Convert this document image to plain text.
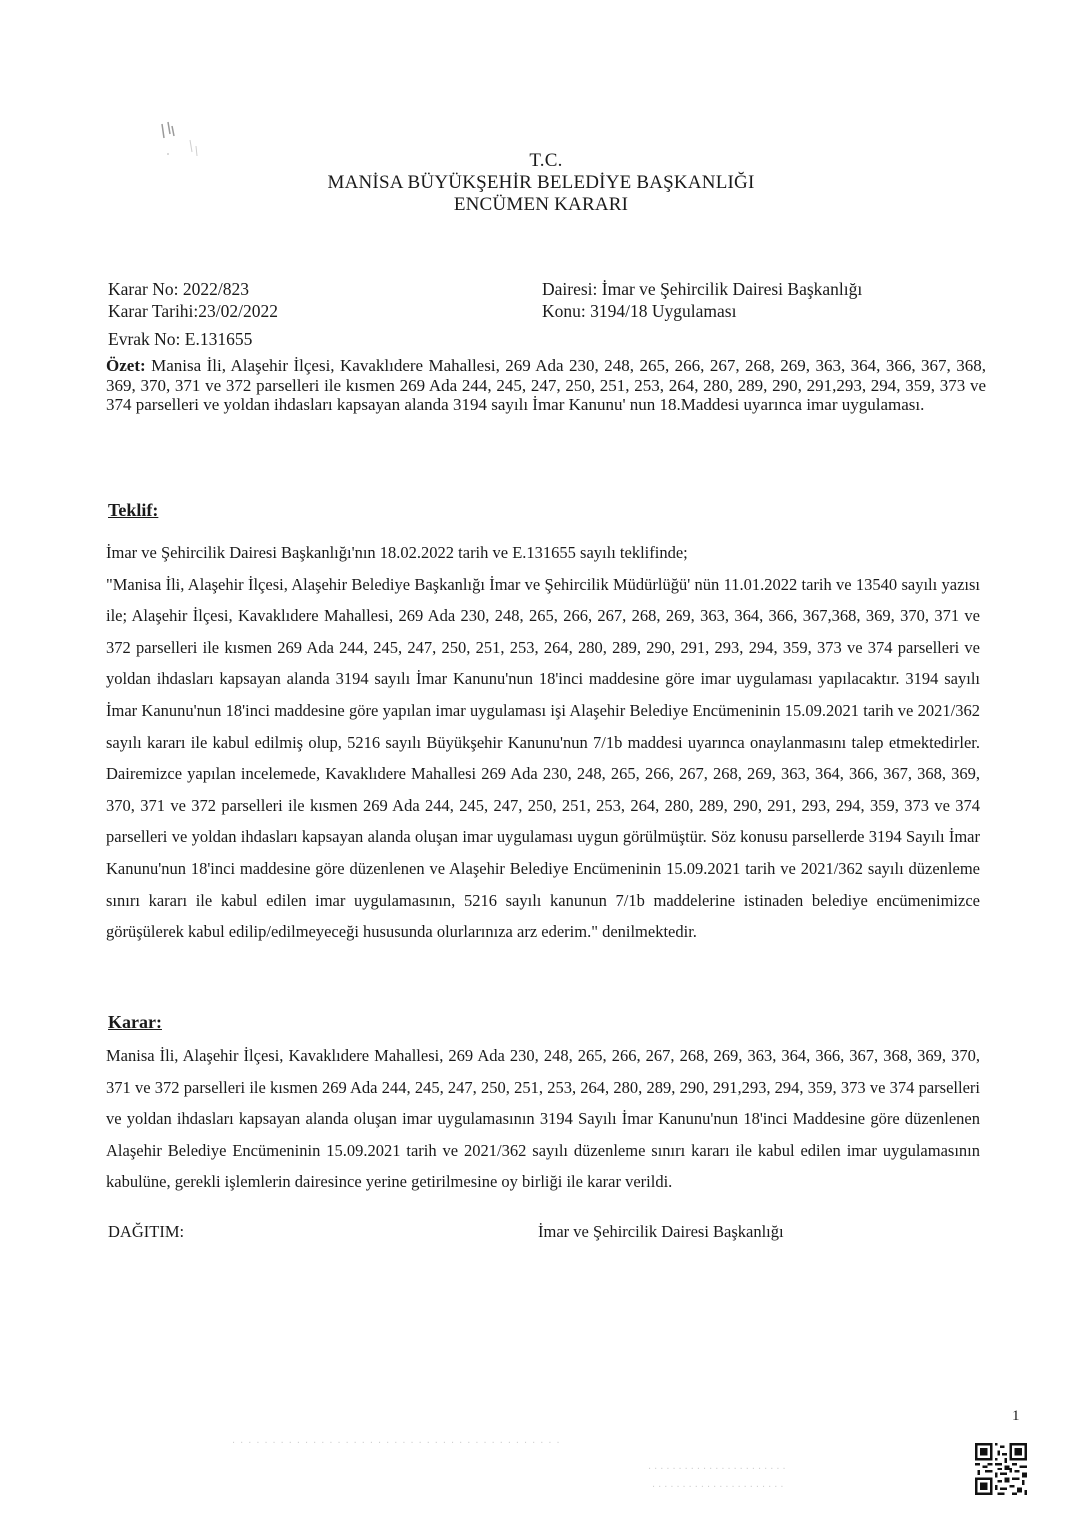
T.C.
MANİSA BÜYÜKŞEHİR BELEDİYE BAŞKANLIĞI
ENCÜMEN KARARI
Karar No: 2022/823
Karar Tarihi:23/02/2022
Evrak No: E.131655
Dairesi: İmar ve Şehircilik Dairesi Başkanlığı
Konu: 3194/18 Uygulaması
Özet: Manisa İli, Alaşehir İlçesi, Kavaklıdere Mahallesi, 269 Ada 230, 248, 265, 266, 267, 268, 269, 363, 364, 366, 367, 368, 369, 370, 371 ve 372 parselleri ile kısmen 269 Ada 244, 245, 247, 250, 251, 253, 264, 280, 289, 290, 291,293, 294, 359, 373 ve 374 parselleri ve yoldan ihdasları kapsayan alanda 3194 sayılı İmar Kanunu' nun 18.Maddesi uyarınca imar uygulaması.
Teklif:

İmar ve Şehircilik Dairesi Başkanlığı'nın 18.02.2022 tarih ve E.131655 sayılı teklifinde;

"Manisa İli, Alaşehir İlçesi, Alaşehir Belediye Başkanlığı İmar ve Şehircilik Müdürlüğü' nün 11.01.2022 tarih ve 13540 sayılı yazısı ile; Alaşehir İlçesi, Kavaklıdere Mahallesi, 269 Ada 230, 248, 265, 266, 267, 268, 269, 363, 364, 366, 367,368, 369, 370, 371 ve 372 parselleri ile kısmen 269 Ada 244, 245, 247, 250, 251, 253, 264, 280, 289, 290, 291, 293, 294, 359, 373 ve 374 parselleri ve yoldan ihdasları kapsayan alanda 3194 sayılı İmar Kanunu'nun 18'inci maddesine göre imar uygulaması yapılacaktır. 3194 sayılı İmar Kanunu'nun 18'inci maddesine göre yapılan imar uygulaması işi Alaşehir Belediye Encümeninin 15.09.2021 tarih ve 2021/362 sayılı kararı ile kabul edilmiş olup, 5216 sayılı Büyükşehir Kanunu'nun 7/1b maddesi uyarınca onaylanmasını talep etmektedirler. Dairemizce yapılan incelemede, Kavaklıdere Mahallesi 269 Ada 230, 248, 265, 266, 267, 268, 269, 363, 364, 366, 367, 368, 369, 370, 371 ve 372 parselleri ile kısmen 269 Ada 244, 245, 247, 250, 251, 253, 264, 280, 289, 290, 291, 293, 294, 359, 373 ve 374 parselleri ve yoldan ihdasları kapsayan alanda oluşan imar uygulaması uygun görülmüştür. Söz konusu parsellerde 3194 Sayılı İmar Kanunu'nun 18'inci maddesine göre düzenlenen ve Alaşehir Belediye Encümeninin 15.09.2021 tarih ve 2021/362 sayılı düzenleme sınırı kararı ile kabul edilen imar uygulamasının, 5216 sayılı kanunun 7/1b maddelerine istinaden belediye encümenimizce görüşülerek kabul edilip/edilmeyeceği hususunda olurlarınıza arz ederim." denilmektedir.

Karar:

Manisa İli, Alaşehir İlçesi, Kavaklıdere Mahallesi, 269 Ada 230, 248, 265, 266, 267, 268, 269, 363, 364, 366, 367, 368, 369, 370, 371 ve 372 parselleri ile kısmen 269 Ada 244, 245, 247, 250, 251, 253, 264, 280, 289, 290, 291,293, 294, 359, 373 ve 374 parselleri ve yoldan ihdasları kapsayan alanda oluşan imar uygulamasının 3194 Sayılı İmar Kanunu'nun 18'inci Maddesine göre düzenlenen Alaşehir Belediye Encümeninin 15.09.2021 tarih ve 2021/362 sayılı düzenleme sınırı kararı ile kabul edilen imar uygulamasının kabulüne, gerekli işlemlerin dairesince yerine getirilmesine oy birliği ile karar verildi.

DAĞITIM:	İmar ve Şehircilik Dairesi Başkanlığı
1
. . . . . . . . . . . . . . . . . . . . . . . . . . . . . . . . . . . . . . . . .
. . . . . . . . . . . . . . . . . . . . . . .
. . . . . . . . . . . . . . . . . . . . . .
